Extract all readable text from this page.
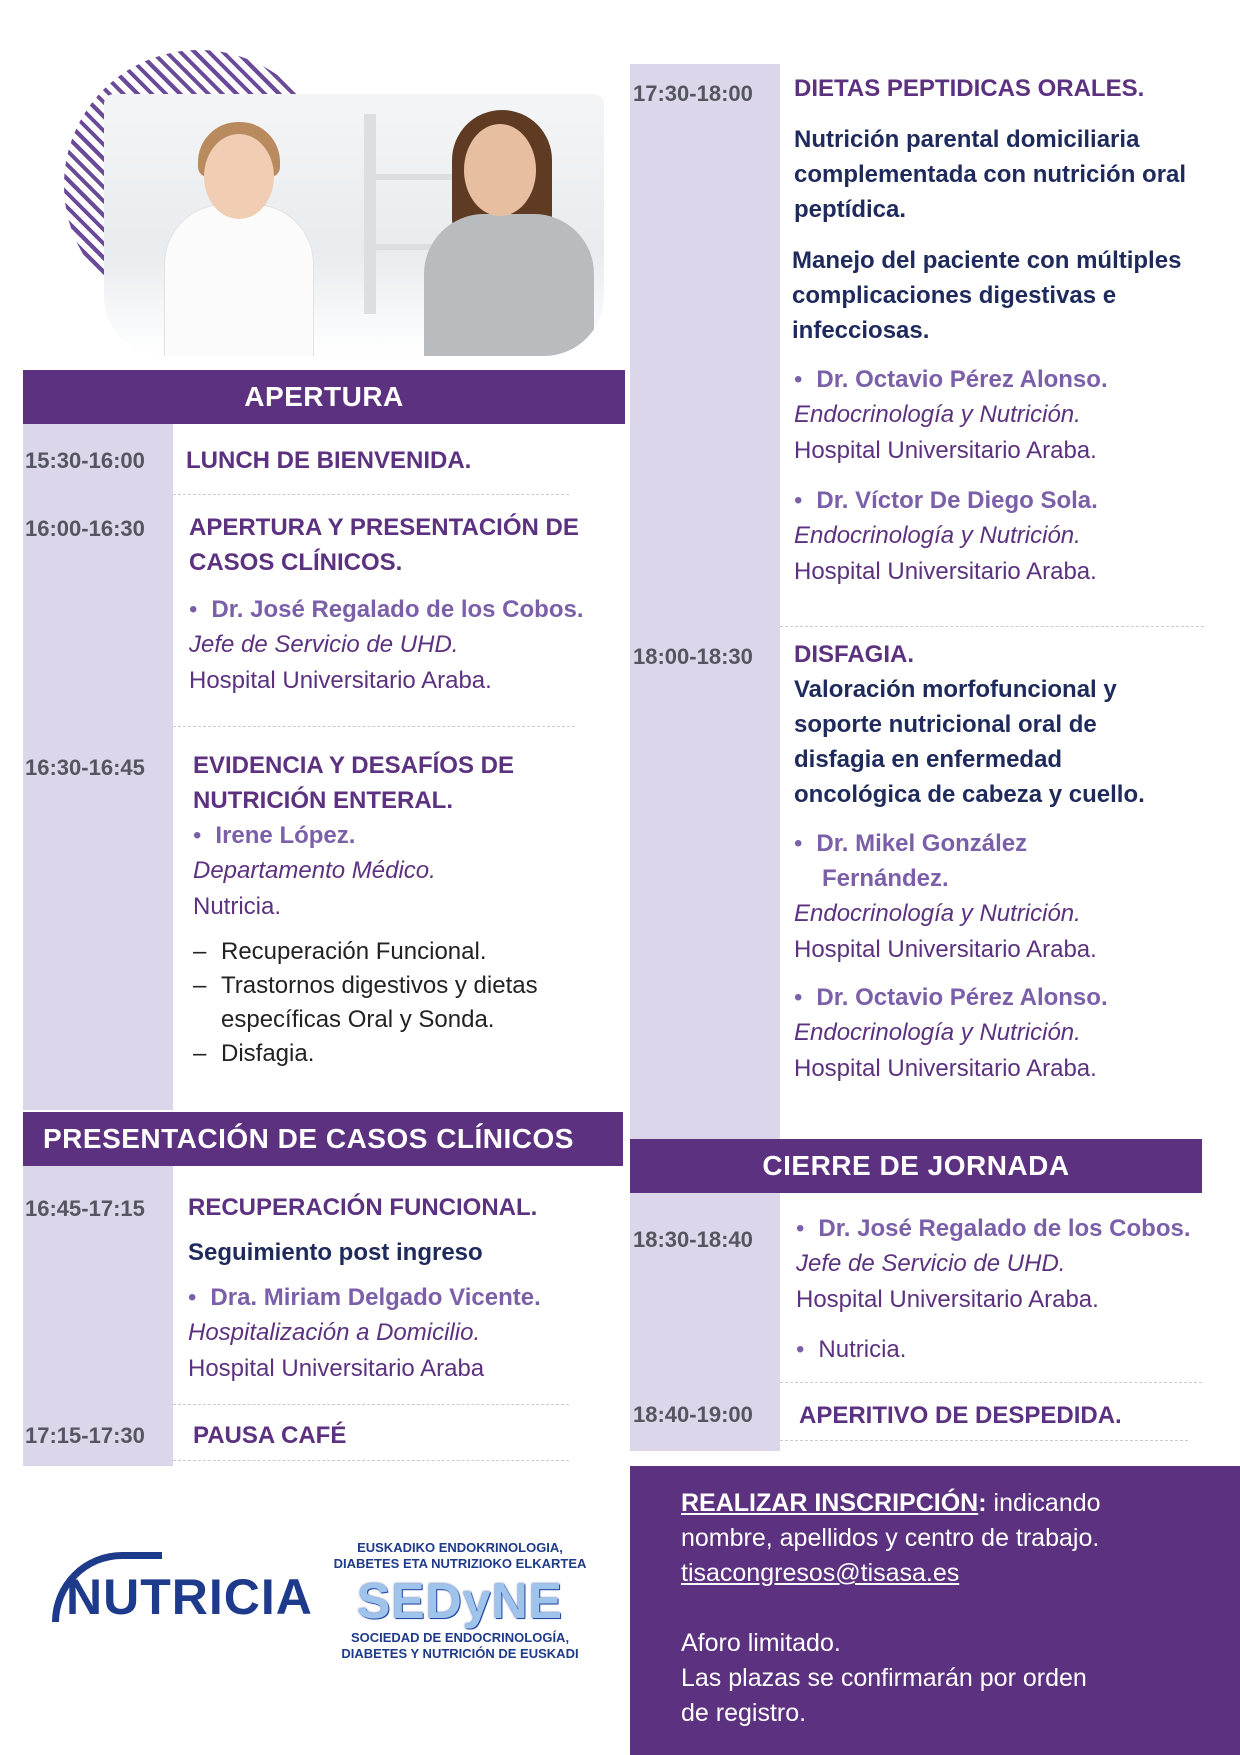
APERTURA
15:30-16:00 LUNCH DE BIENVENIDA.
16:00-16:30 APERTURA Y PRESENTACIÓN DE
CASOS CLÍNICOS.
• Dr. José Regalado de los Cobos.
Jefe de Servicio de UHD.
Hospital Universitario Araba.
16:30-16:45 EVIDENCIA Y DESAFÍOS DE
NUTRICIÓN ENTERAL.
• Irene López.
Departamento Médico.
Nutricia.
– Recuperación Funcional.
– Trastornos digestivos y dietas
específicas Oral y Sonda.
– Disfagia.
PRESENTACIÓN DE CASOS CLÍNICOS
16:45-17:15 RECUPERACIÓN FUNCIONAL.
Seguimiento post ingreso
• Dra. Miriam Delgado Vicente.
Hospitalización a Domicilio.
Hospital Universitario Araba
17:15-17:30 PAUSA CAFÉ
17:30-18:00 DIETAS PEPTIDICAS ORALES.
Nutrición parental domiciliaria
complementada con nutrición oral
peptídica.
Manejo del paciente con múltiples
complicaciones digestivas e
infecciosas.
• Dr. Octavio Pérez Alonso.
Endocrinología y Nutrición.
Hospital Universitario Araba.
• Dr. Víctor De Diego Sola.
Endocrinología y Nutrición.
Hospital Universitario Araba.
18:00-18:30 DISFAGIA.
Valoración morfofuncional y
soporte nutricional oral de
disfagia en enfermedad
oncológica de cabeza y cuello.
• Dr. Mikel González
Fernández.
Endocrinología y Nutrición.
Hospital Universitario Araba.
• Dr. Octavio Pérez Alonso.
Endocrinología y Nutrición.
Hospital Universitario Araba.
CIERRE DE JORNADA
18:30-18:40
•	Dr. José Regalado de los Cobos.
Jefe de Servicio de UHD.
Hospital Universitario Araba.
• Nutricia.
18:40-19:00 APERITIVO DE DESPEDIDA.
REALIZAR INSCRIPCIÓN: indicando
nombre, apellidos y centro de trabajo.
tisacongresos@tisasa.es
Aforo limitado.
Las plazas se confirmarán por orden
de registro.
NUTRICIA
EUSKADIKO ENDOKRINOLOGIA,
DIABETES ETA NUTRIZIOKO ELKARTEA
SEDyNE
SOCIEDAD DE ENDOCRINOLOGÍA,
DIABETES Y NUTRICIÓN DE EUSKADI
